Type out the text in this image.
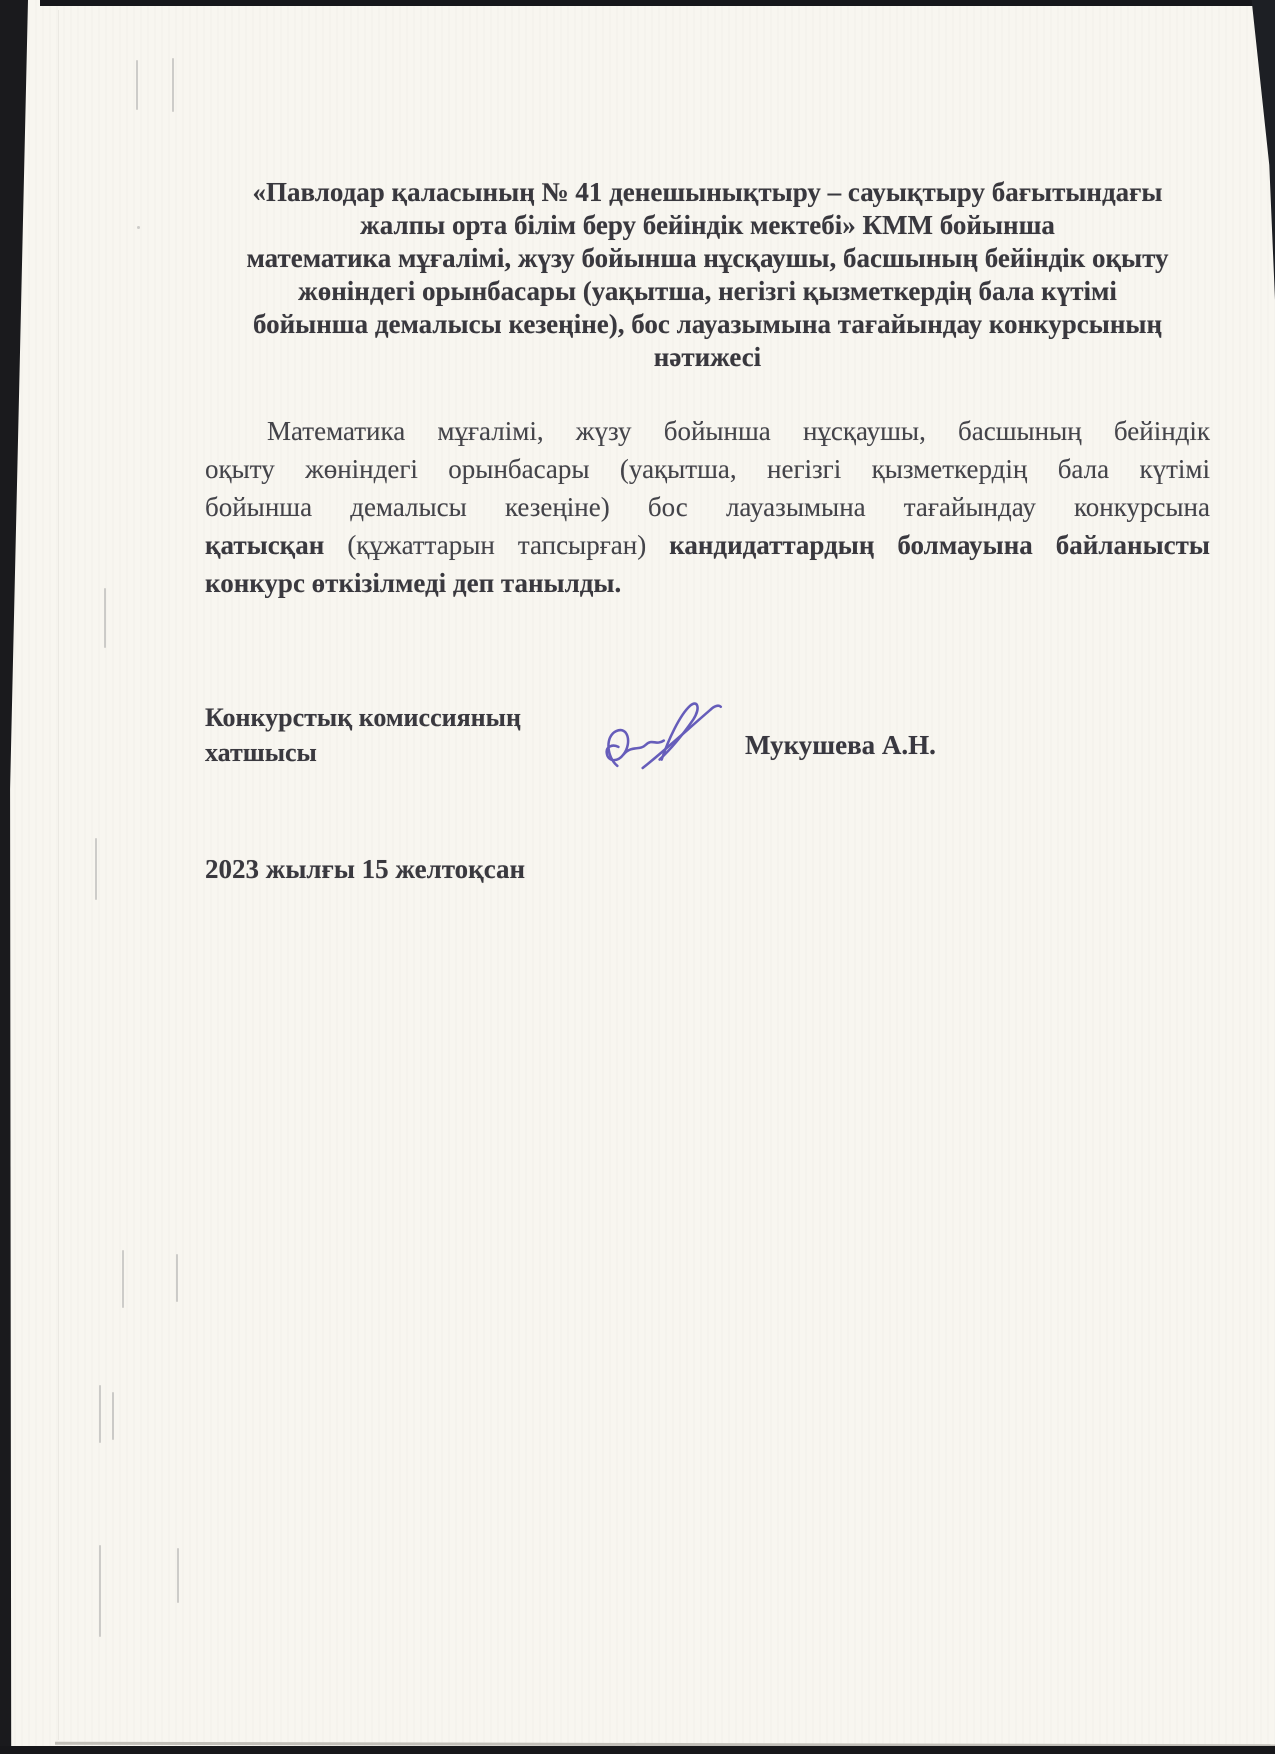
«Павлодар қаласының № 41 денешынықтыру – сауықтыру бағытындағы
жалпы орта білім беру бейіндік мектебі» КММ бойынша
математика мұғалімі, жүзу бойынша нұсқаушы, басшының бейіндік оқыту
жөніндегі орынбасары (уақытша, негізгі қызметкердің бала күтімі
бойынша демалысы кезеңіне), бос лауазымына тағайындау конкурсының
нәтижесі

Математика мұғалімі, жүзу бойынша нұсқаушы, басшының бейіндік

оқыту жөніндегі орынбасары (уақытша, негізгі қызметкердің бала күтімі

бойынша демалысы кезеңіне) бос лауазымына тағайындау конкурсына

қатысқан (құжаттарын тапсырған) кандидаттардың болмауына байланысты

конкурс өткізілмеді деп танылды.

Конкурстық комиссияның
хатшысы	Мукушева А.Н.
2023 жылғы 15 желтоқсан
